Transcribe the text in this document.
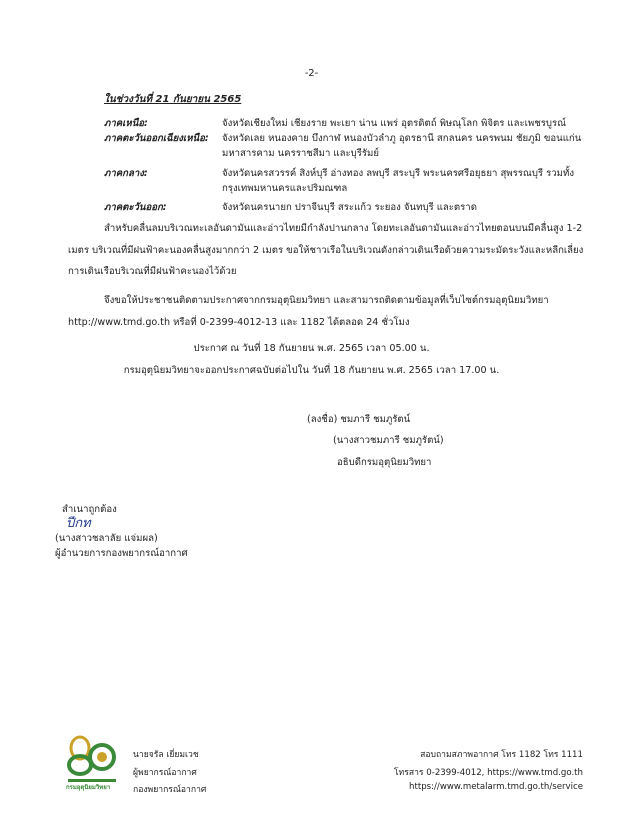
-2-
ในช่วงวันที่ 21 กันยายน 2565
ภาคเหนือ:	จังหวัดเชียงใหม่ เชียงราย พะเยา น่าน แพร่ อุตรดิตถ์ พิษณุโลก พิจิตร และเพชรบูรณ์
ภาคตะวันออกเฉียงเหนือ: จังหวัดเลย หนองคาย บึงกาฬ หนองบัวลำภู อุดรธานี สกลนคร นครพนม ชัยภูมิ ขอนแก่น
มหาสารคาม นครราชสีมา และบุรีรัมย์
ภาคกลาง:	จังหวัดนครสวรรค์ สิงห์บุรี อ่างทอง ลพบุรี สระบุรี พระนครศรีอยุธยา สุพรรณบุรี รวมทั้ง
กรุงเทพมหานครและปริมณฑล
ภาคตะวันออก:	จังหวัดนครนายก ปราจีนบุรี สระแก้ว ระยอง จันทบุรี และตราด
สำหรับคลื่นลมบริเวณทะเลอันดามันและอ่าวไทยมีกำลังปานกลาง โดยทะเลอันดามันและอ่าวไทยตอนบนมีคลื่นสูง 1-2
เมตร บริเวณที่มีฝนฟ้าคะนองคลื่นสูงมากกว่า 2 เมตร ขอให้ชาวเรือในบริเวณดังกล่าวเดินเรือด้วยความระมัดระวังและหลีกเลี่ยง
การเดินเรือบริเวณที่มีฝนฟ้าคะนองไว้ด้วย
จึงขอให้ประชาชนติดตามประกาศจากกรมอุตุนิยมวิทยา และสามารถติดตามข้อมูลที่เว็บไซต์กรมอุตุนิยมวิทยา
http://www.tmd.go.th หรือที่ 0-2399-4012-13 และ 1182 ได้ตลอด 24 ชั่วโมง
ประกาศ ณ วันที่ 18 กันยายน พ.ศ. 2565 เวลา 05.00 น.
กรมอุตุนิยมวิทยาจะออกประกาศฉบับต่อไปใน วันที่ 18 กันยายน พ.ศ. 2565 เวลา 17.00 น.
(ลงชื่อ) ชมภารี ชมภูรัตน์
(นางสาวชมภารี ชมภูรัตน์)
อธิบดีกรมอุตุนิยมวิทยา
สำเนาถูกต้อง
ปีกท
(นางสาวชลาลัย แจ่มผล)
ผู้อำนวยการกองพยากรณ์อากาศ
กรมอุตุนิยมวิทยา
นายจรัล เยี่ยมเวช
ผู้พยากรณ์อากาศ
กองพยากรณ์อากาศ
สอบถามสภาพอากาศ โทร 1182 โทร 1111
โทรสาร 0-2399-4012, https://www.tmd.go.th
https://www.metalarm.tmd.go.th/service
